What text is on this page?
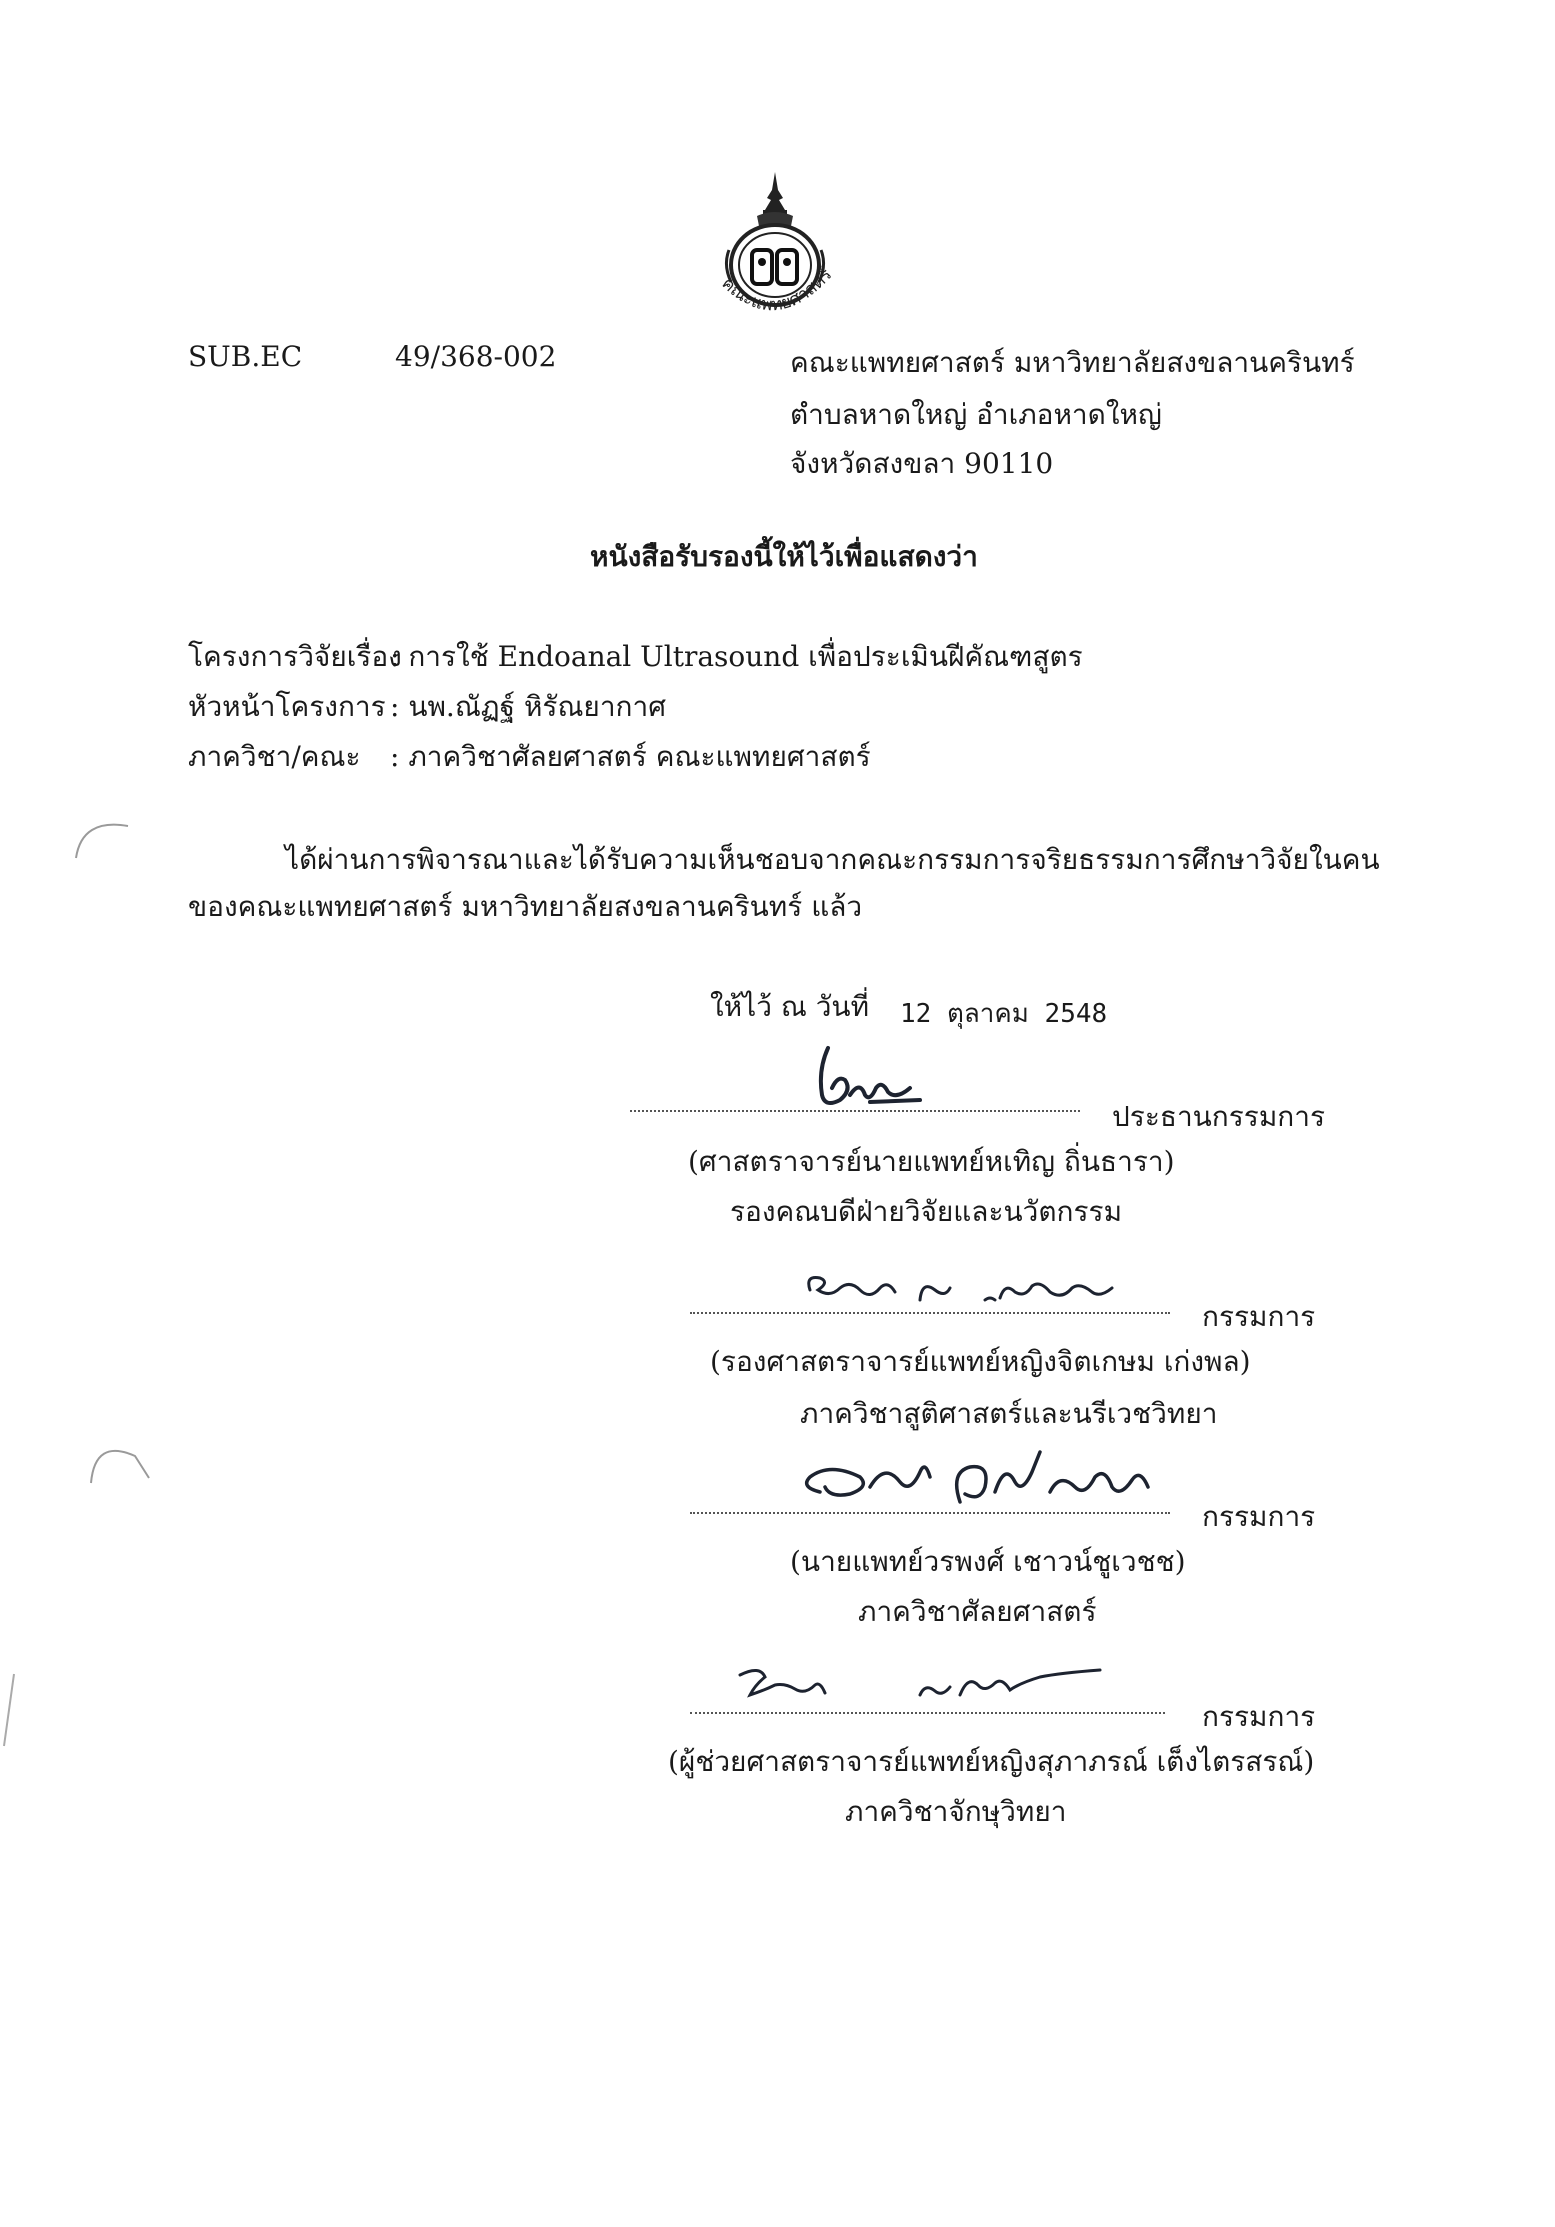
คณะแพทยศาสตร์
SUB.EC	49/368-002	คณะแพทยศาสตร์ มหาวิทยาลัยสงขลานครินทร์
ตำบลหาดใหญ่ อำเภอหาดใหญ่
จังหวัดสงขลา 90110
หนังสือรับรองนี้ให้ไว้เพื่อแสดงว่า
โครงการวิจัยเรื่อง
: การใช้ Endoanal Ultrasound เพื่อประเมินฝีคัณฑสูตร
หัวหน้าโครงการ : นพ.ณัฏฐ์ หิรัณยากาศ
ภาควิชา/คณะ : ภาควิชาศัลยศาสตร์ คณะแพทยศาสตร์
ได้ผ่านการพิจารณาและได้รับความเห็นชอบจากคณะกรรมการจริยธรรมการศึกษาวิจัยในคน
ของคณะแพทยศาสตร์ มหาวิทยาลัยสงขลานครินทร์ แล้ว
ให้ไว้ ณ วันที่ 12 ตุลาคม 2548
ประธานกรรมการ
(ศาสตราจารย์นายแพทย์หเทิญ ถิ่นธารา)
รองคณบดีฝ่ายวิจัยและนวัตกรรม
กรรมการ
(รองศาสตราจารย์แพทย์หญิงจิตเกษม เก่งพล)
ภาควิชาสูติศาสตร์และนรีเวชวิทยา
กรรมการ
(นายแพทย์วรพงศ์ เชาวน์ชูเวชช)
ภาควิชาศัลยศาสตร์
กรรมการ
(ผู้ช่วยศาสตราจารย์แพทย์หญิงสุภาภรณ์ เต็งไตรสรณ์)
ภาควิชาจักษุวิทยา
